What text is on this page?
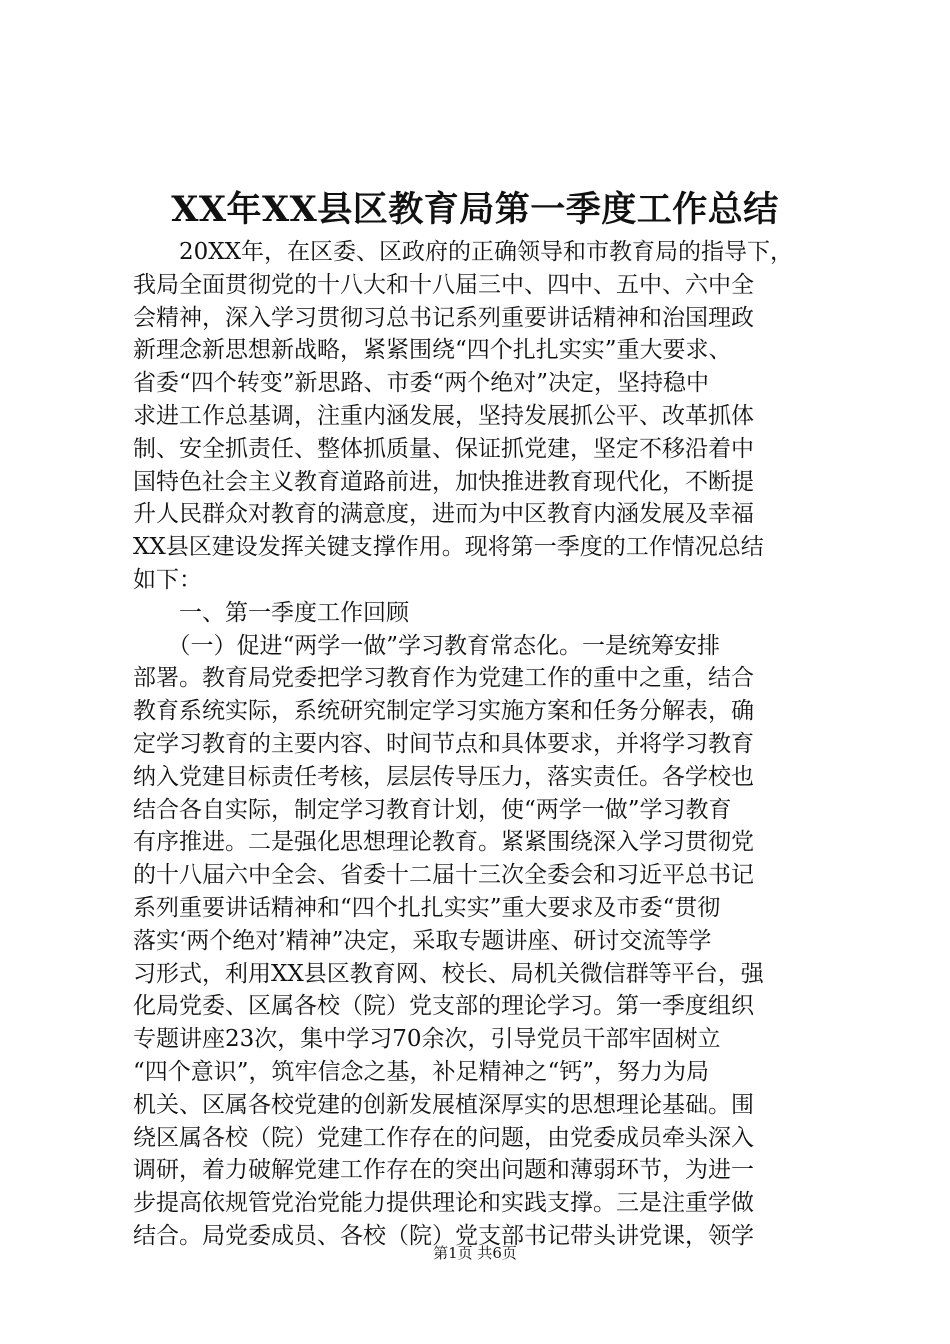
XX年XX县区教育局第一季度工作总结
　　20XX年，在区委、区政府的正确领导和市教育局的指导下，
我局全面贯彻党的十八大和十八届三中、四中、五中、六中全
会精神，深入学习贯彻习总书记系列重要讲话精神和治国理政
新理念新思想新战略，紧紧围绕“四个扎扎实实”重大要求、
省委“四个转变”新思路、市委“两个绝对”决定，坚持稳中
求进工作总基调，注重内涵发展，坚持发展抓公平、改革抓体
制、安全抓责任、整体抓质量、保证抓党建，坚定不移沿着中
国特色社会主义教育道路前进，加快推进教育现代化，不断提
升人民群众对教育的满意度，进而为中区教育内涵发展及幸福
XX县区建设发挥关键支撑作用。现将第一季度的工作情况总结
如下：
　　一、第一季度工作回顾
　　（一）促进“两学一做”学习教育常态化。一是统筹安排
部署。教育局党委把学习教育作为党建工作的重中之重，结合
教育系统实际，系统研究制定学习实施方案和任务分解表，确
定学习教育的主要内容、时间节点和具体要求，并将学习教育
纳入党建目标责任考核，层层传导压力，落实责任。各学校也
结合各自实际，制定学习教育计划，使“两学一做”学习教育
有序推进。二是强化思想理论教育。紧紧围绕深入学习贯彻党
的十八届六中全会、省委十二届十三次全委会和习近平总书记
系列重要讲话精神和“四个扎扎实实”重大要求及市委“贯彻
落实‘两个绝对’精神”决定，采取专题讲座、研讨交流等学
习形式，利用XX县区教育网、校长、局机关微信群等平台，强
化局党委、区属各校（院）党支部的理论学习。第一季度组织
专题讲座23次，集中学习70余次，引导党员干部牢固树立
“四个意识”，筑牢信念之基，补足精神之“钙”，努力为局
机关、区属各校党建的创新发展植深厚实的思想理论基础。围
绕区属各校（院）党建工作存在的问题，由党委成员牵头深入
调研，着力破解党建工作存在的突出问题和薄弱环节，为进一
步提高依规管党治党能力提供理论和实践支撑。三是注重学做
结合。局党委成员、各校（院）党支部书记带头讲党课，领学
第1页 共6页
